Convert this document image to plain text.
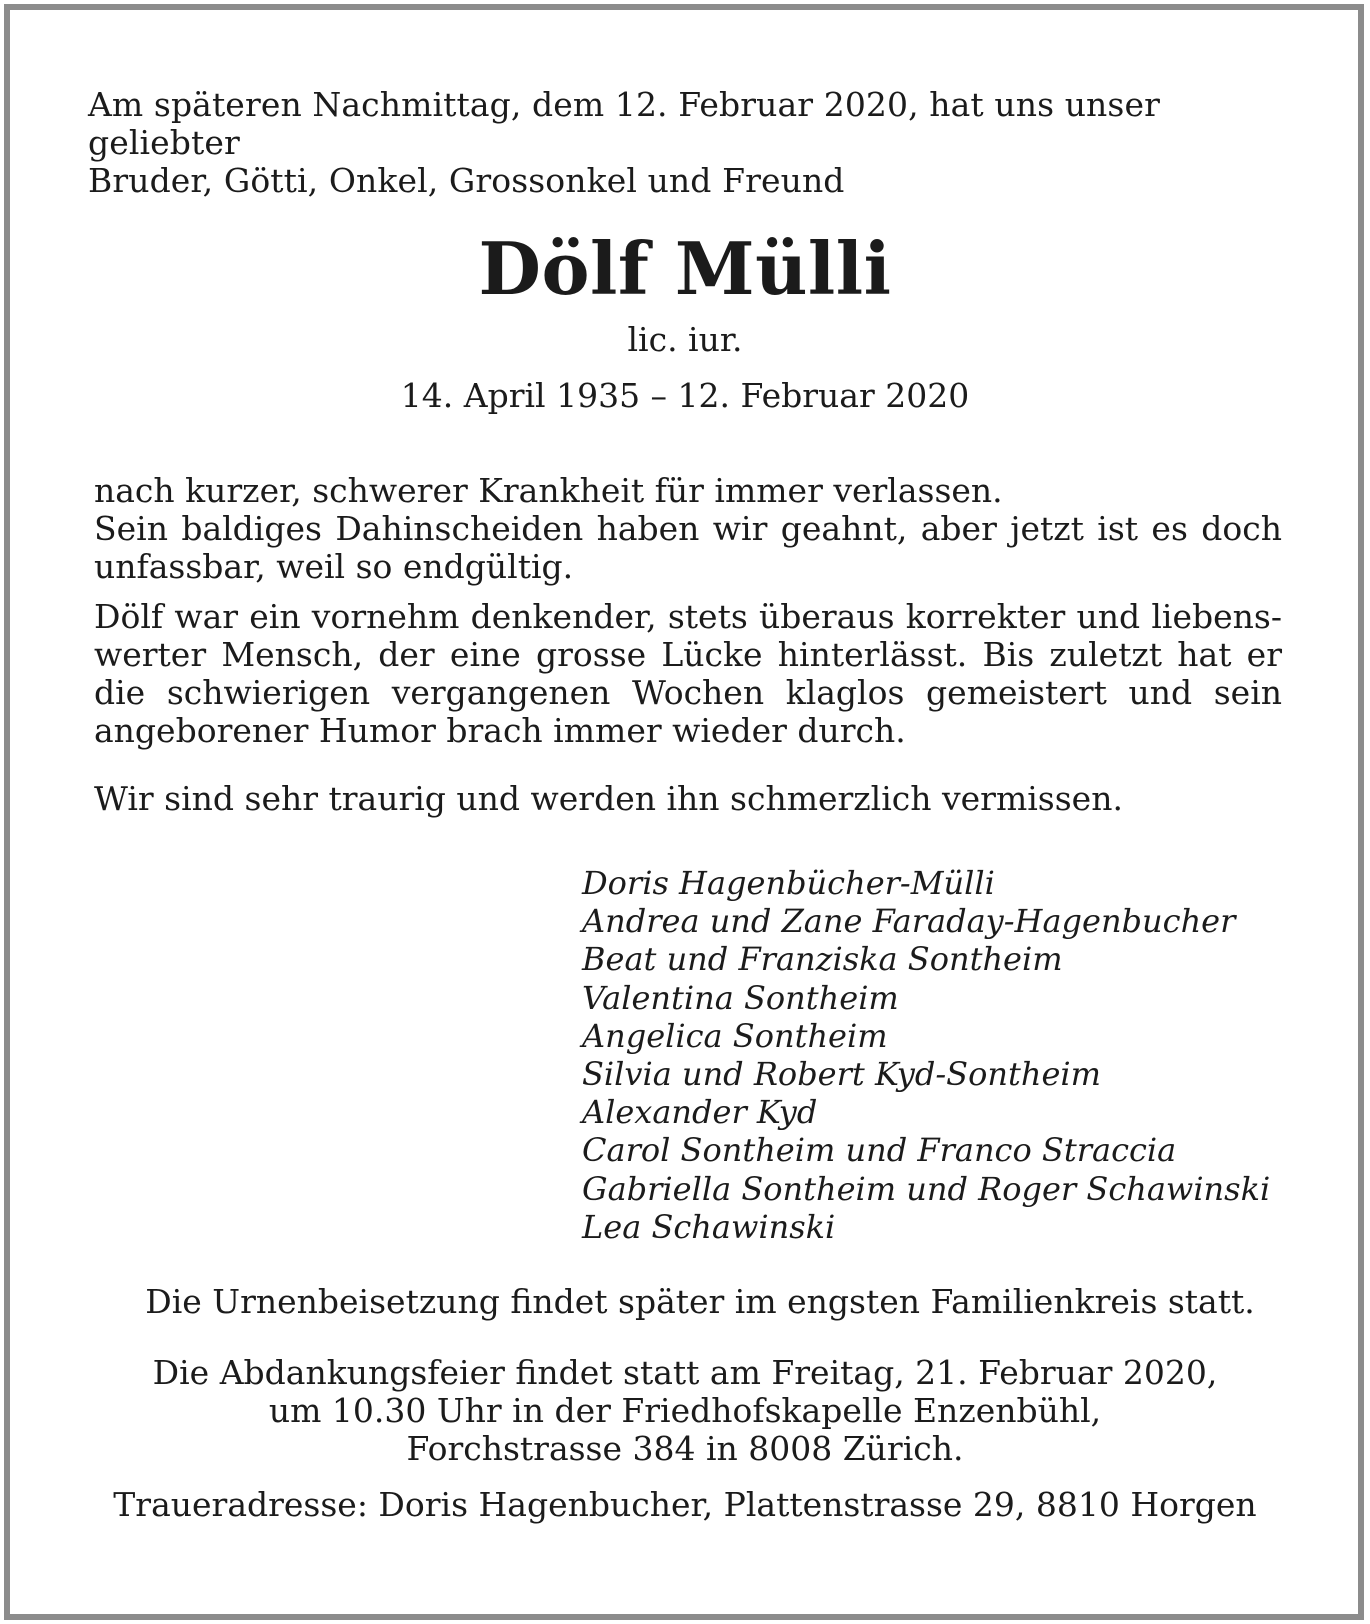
Am späteren Nachmittag, dem 12. Februar 2020, hat uns unser geliebter

Bruder, Götti, Onkel, Grossonkel und Freund

Dölf Mülli
lic. iur.
14. April 1935 – 12. Februar 2020

nach kurzer, schwerer Krankheit für immer verlassen.
Sein baldiges Dahinscheiden haben wir geahnt, aber jetzt ist es doch unfassbar, weil so endgültig.

Dölf war ein vornehm denkender, stets überaus korrekter und liebenswerter Mensch, der eine grosse Lücke hinterlässt. Bis zuletzt hat er die schwierigen vergangenen Wochen klaglos gemeistert und sein angeborener Humor brach immer wieder durch.

Wir sind sehr traurig und werden ihn schmerzlich vermissen.

Doris Hagenbücher-Mülli
Andrea und Zane Faraday-Hagenbucher
Beat und Franziska Sontheim
Valentina Sontheim
Angelica Sontheim
Silvia und Robert Kyd-Sontheim
Alexander Kyd
Carol Sontheim und Franco Straccia
Gabriella Sontheim und Roger Schawinski
Lea Schawinski

Die Urnenbeisetzung findet später im engsten Familienkreis statt.

Die Abdankungsfeier findet statt am Freitag, 21. Februar 2020,

um 10.30 Uhr in der Friedhofskapelle Enzenbühl,

Forchstrasse 384 in 8008 Zürich.

Traueradresse: Doris Hagenbucher, Plattenstrasse 29, 8810 Horgen
